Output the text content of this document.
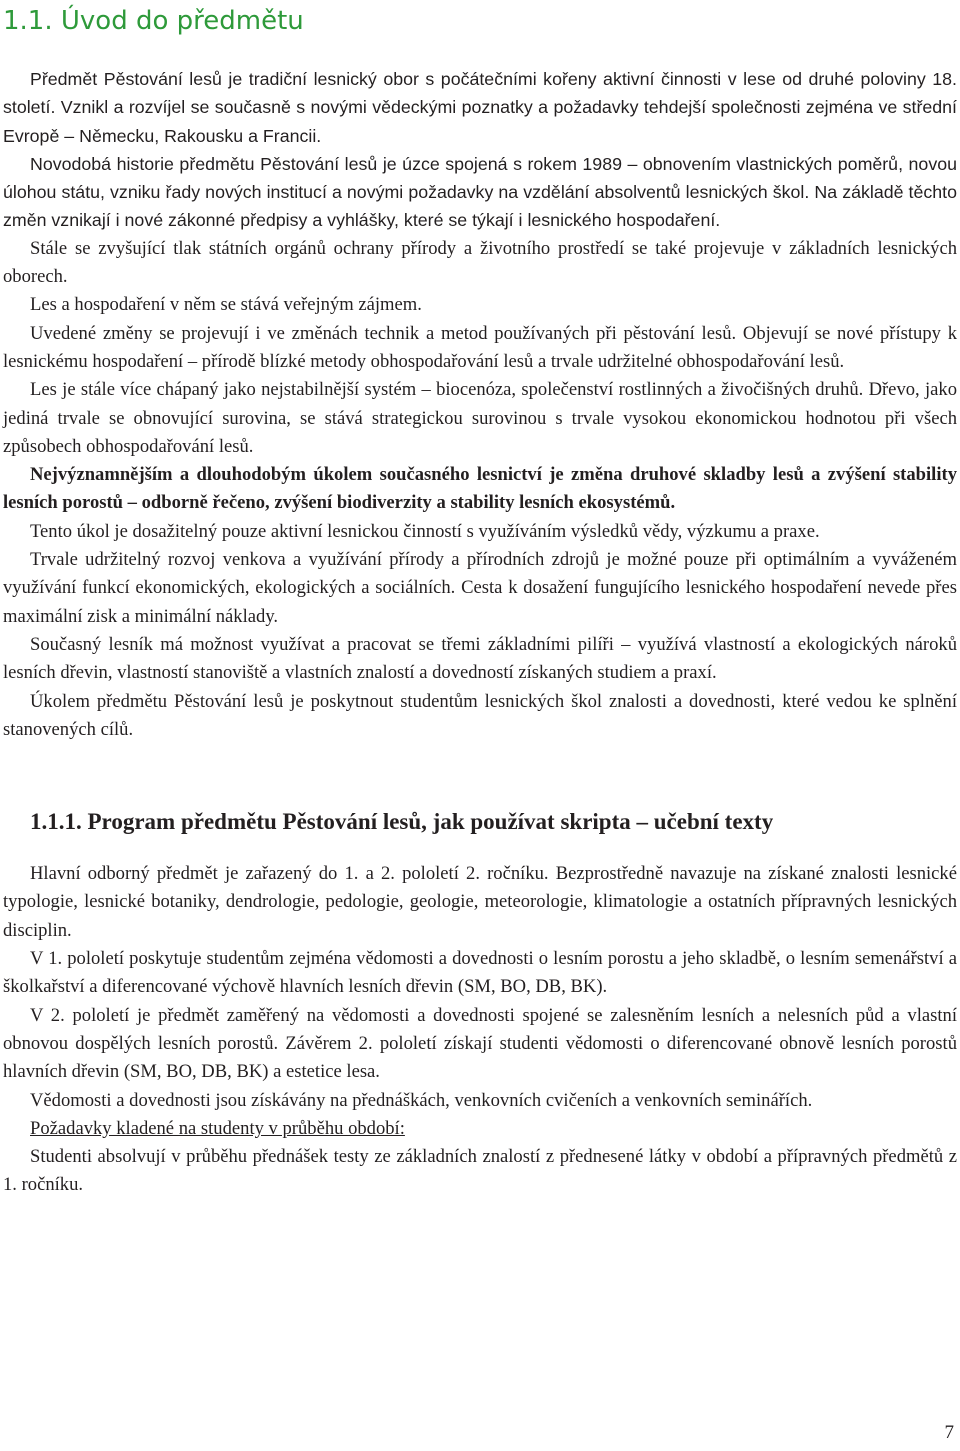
1.1. Úvod do předmětu

Předmět Pěstování lesů je tradiční lesnický obor s počátečními kořeny aktivní činnosti v lese od druhé poloviny 18. století. Vznikl a rozvíjel se současně s novými vědeckými poznatky a požadavky tehdejší společnosti zejména ve střední Evropě – Německu, Rakousku a Francii.

Novodobá historie předmětu Pěstování lesů je úzce spojená s rokem 1989 – obnovením vlastnických poměrů, novou úlohou státu, vzniku řady nových institucí a novými požadavky na vzdělání absolventů lesnických škol. Na základě těchto změn vznikají i nové zákonné předpisy a vyhlášky, které se týkají i lesnického hospodaření.

Stále se zvyšující tlak státních orgánů ochrany přírody a životního prostředí se také projevuje v základních lesnických oborech.

Les a hospodaření v něm se stává veřejným zájmem.

Uvedené změny se projevují i ve změnách technik a metod používaných při pěstování lesů. Objevují se nové přístupy k lesnickému hospodaření – přírodě blízké metody obhospodařování lesů a trvale udržitelné obhospodařování lesů.

Les je stále více chápaný jako nejstabilnější systém – biocenóza, společenství rostlinných a živočišných druhů. Dřevo, jako jediná trvale se obnovující surovina, se stává strategickou surovinou s trvale vysokou ekonomickou hodnotou při všech způsobech obhospodařování lesů.

Nejvýznamnějším a dlouhodobým úkolem současného lesnictví je změna druhové skladby lesů a zvýšení stability lesních porostů – odborně řečeno, zvýšení biodiverzity a stability lesních ekosystémů.

Tento úkol je dosažitelný pouze aktivní lesnickou činností s využíváním výsledků vědy, výzkumu a praxe.

Trvale udržitelný rozvoj venkova a využívání přírody a přírodních zdrojů je možné pouze při optimálním a vyváženém využívání funkcí ekonomických, ekologických a sociálních. Cesta k dosažení fungujícího lesnického hospodaření nevede přes maximální zisk a minimální náklady.

Současný lesník má možnost využívat a pracovat se třemi základními pilíři – využívá vlastností a ekologických nároků lesních dřevin, vlastností stanoviště a vlastních znalostí a dovedností získaných studiem a praxí.

Úkolem předmětu Pěstování lesů je poskytnout studentům lesnických škol znalosti a dovednosti, které vedou ke splnění stanovených cílů.

1.1.1. Program předmětu Pěstování lesů, jak používat skripta – učební texty

Hlavní odborný předmět je zařazený do 1. a 2. pololetí 2. ročníku. Bezprostředně navazuje na získané znalosti lesnické typologie, lesnické botaniky, dendrologie, pedologie, geologie, meteorologie, klimatologie a ostatních přípravných lesnických disciplin.

V 1. pololetí poskytuje studentům zejména vědomosti a dovednosti o lesním porostu a jeho skladbě, o lesním semenářství a školkařství a diferencované výchově hlavních lesních dřevin (SM, BO, DB, BK).

V 2. pololetí je předmět zaměřený na vědomosti a dovednosti spojené se zalesněním lesních a nelesních půd a vlastní obnovou dospělých lesních porostů. Závěrem 2. pololetí získají studenti vědomosti o diferencované obnově lesních porostů hlavních dřevin (SM, BO, DB, BK) a estetice lesa.

Vědomosti a dovednosti jsou získávány na přednáškách, venkovních cvičeních a venkovních seminářích.

Požadavky kladené na studenty v průběhu období:

Studenti absolvují v průběhu přednášek testy ze základních znalostí z přednesené látky v období a přípravných předmětů z 1. ročníku.

7
